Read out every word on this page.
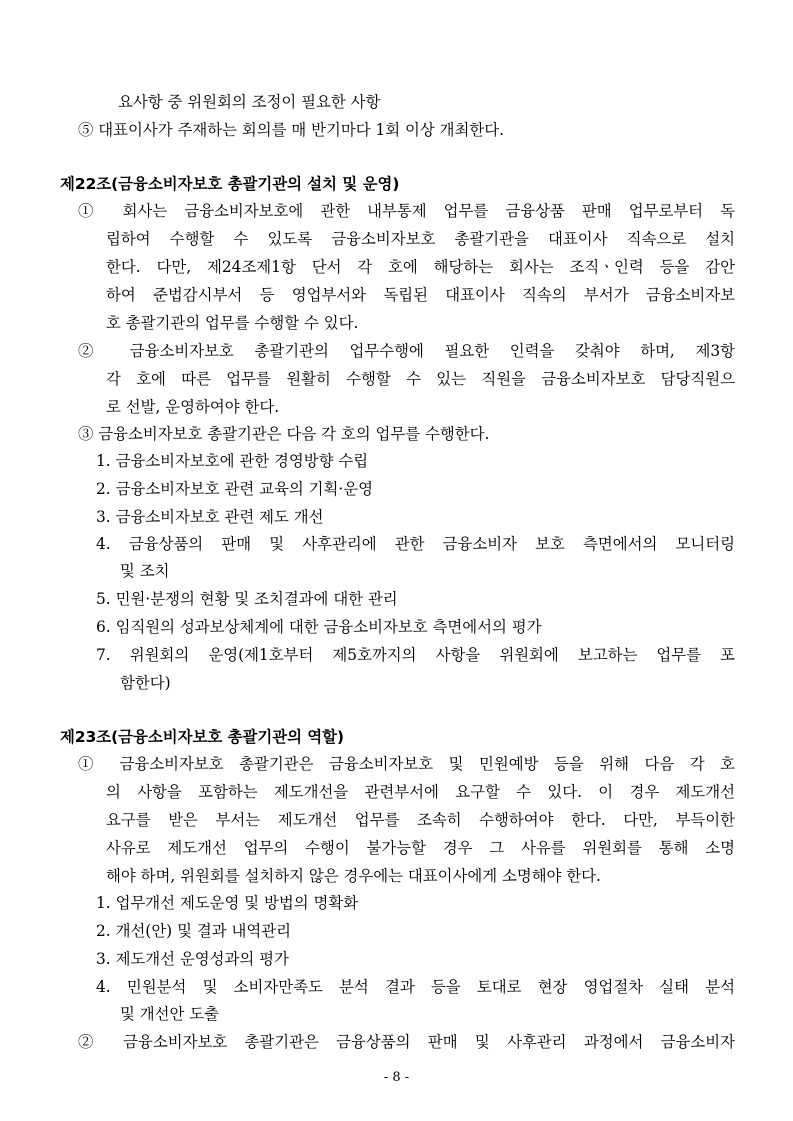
요사항 중 위원회의 조정이 필요한 사항
⑤ 대표이사가 주재하는 회의를 매 반기마다 1회 이상 개최한다.
제22조(금융소비자보호 총괄기관의 설치 및 운영)
① 회사는 금융소비자보호에 관한 내부통제 업무를 금융상품 판매 업무로부터 독
립하여 수행할 수 있도록 금융소비자보호 총괄기관을 대표이사 직속으로 설치
한다. 다만, 제24조제1항 단서 각 호에 해당하는 회사는 조직ㆍ인력 등을 감안
하여 준법감시부서 등 영업부서와 독립된 대표이사 직속의 부서가 금융소비자보
호 총괄기관의 업무를 수행할 수 있다.
② 금융소비자보호 총괄기관의 업무수행에 필요한 인력을 갖춰야 하며, 제3항
각 호에 따른 업무를 원활히 수행할 수 있는 직원을 금융소비자보호 담당직원으
로 선발, 운영하여야 한다.
③ 금융소비자보호 총괄기관은 다음 각 호의 업무를 수행한다.
1. 금융소비자보호에 관한 경영방향 수립
2. 금융소비자보호 관련 교육의 기획·운영
3. 금융소비자보호 관련 제도 개선
4. 금융상품의 판매 및 사후관리에 관한 금융소비자 보호 측면에서의 모니터링
및 조치
5. 민원·분쟁의 현황 및 조치결과에 대한 관리
6. 임직원의 성과보상체계에 대한 금융소비자보호 측면에서의 평가
7. 위원회의 운영(제1호부터 제5호까지의 사항을 위원회에 보고하는 업무를 포
함한다)
제23조(금융소비자보호 총괄기관의 역할)
① 금융소비자보호 총괄기관은 금융소비자보호 및 민원예방 등을 위해 다음 각 호
의 사항을 포함하는 제도개선을 관련부서에 요구할 수 있다. 이 경우 제도개선
요구를 받은 부서는 제도개선 업무를 조속히 수행하여야 한다. 다만, 부득이한
사유로 제도개선 업무의 수행이 불가능할 경우 그 사유를 위원회를 통해 소명
해야 하며, 위원회를 설치하지 않은 경우에는 대표이사에게 소명해야 한다.
1. 업무개선 제도운영 및 방법의 명확화
2. 개선(안) 및 결과 내역관리
3. 제도개선 운영성과의 평가
4. 민원분석 및 소비자만족도 분석 결과 등을 토대로 현장 영업절차 실태 분석
및 개선안 도출
② 금융소비자보호 총괄기관은 금융상품의 판매 및 사후관리 과정에서 금융소비자
- 8 -
